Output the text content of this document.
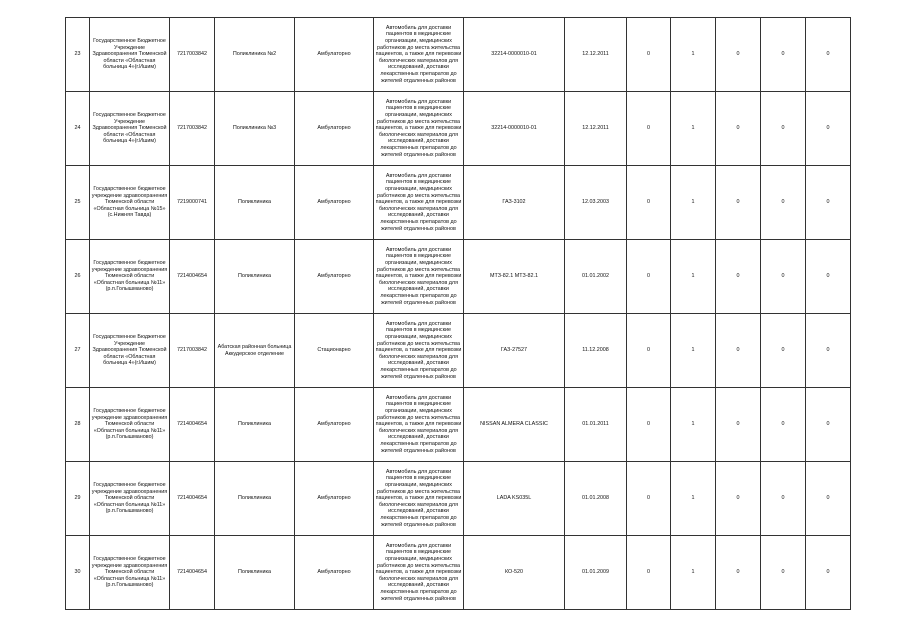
23	Государственное Бюджетное Учреждение Здравоохранения Тюменской области «Областная больница 4»(г.Ишим)	7217003842	Поликлиника №2	Амбулаторно	Автомобиль для доставки пациентов в медицинские организации, медицинских работников до места жительства пациентов, а также для перевозки биологических материалов для исследований, доставки лекарственных препаратов до жителей отдаленных районов	32214-0000010-01	12.12.2011	0	1	0	0	0
24	Государственное Бюджетное Учреждение Здравоохранения Тюменской области «Областная больница 4»(г.Ишим)	7217003842	Поликлиника №3	Амбулаторно	Автомобиль для доставки пациентов в медицинские организации, медицинских работников до места жительства пациентов, а также для перевозки биологических материалов для исследований, доставки лекарственных препаратов до жителей отдаленных районов	32214-0000010-01	12.12.2011	0	1	0	0	0
25	Государственное бюджетное учреждение здравоохранения Тюменской области «Областная больница №15» (с.Нижняя Тавда)	7219000741	Поликлиника	Амбулаторно	Автомобиль для доставки пациентов в медицинские организации, медицинских работников до места жительства пациентов, а также для перевозки биологических материалов для исследований, доставки лекарственных препаратов до жителей отдаленных районов	ГАЗ-3102	12.03.2003	0	1	0	0	0
26	Государственное бюджетное учреждение здравоохранения Тюменской области «Областная больница №11» (р.п.Голышманово)	7214004654	Поликлиника	Амбулаторно	Автомобиль для доставки пациентов в медицинские организации, медицинских работников до места жительства пациентов, а также для перевозки биологических материалов для исследований, доставки лекарственных препаратов до жителей отдаленных районов	МТЗ-82.1 МТЗ-82.1	01.01.2002	0	1	0	0	0
27	Государственное Бюджетное Учреждение Здравоохранения Тюменской области «Областная больница 4»(г.Ишим)	7217003842	Абатская районная больница Аккудерское отделение	Стационарно	Автомобиль для доставки пациентов в медицинские организации, медицинских работников до места жительства пациентов, а также для перевозки биологических материалов для исследований, доставки лекарственных препаратов до жителей отдаленных районов	ГАЗ-27527	11.12.2008	0	1	0	0	0
28	Государственное бюджетное учреждение здравоохранения Тюменской области «Областная больница №11» (р.п.Голышманово)	7214004654	Поликлиника	Амбулаторно	Автомобиль для доставки пациентов в медицинские организации, медицинских работников до места жительства пациентов, а также для перевозки биологических материалов для исследований, доставки лекарственных препаратов до жителей отдаленных районов	NISSAN ALMERA CLASSIC	01.01.2011	0	1	0	0	0
29	Государственное бюджетное учреждение здравоохранения Тюменской области «Областная больница №11» (р.п.Голышманово)	7214004654	Поликлиника	Амбулаторно	Автомобиль для доставки пациентов в медицинские организации, медицинских работников до места жительства пациентов, а также для перевозки биологических материалов для исследований, доставки лекарственных препаратов до жителей отдаленных районов	LADA KS035L	01.01.2008	0	1	0	0	0
30	Государственное бюджетное учреждение здравоохранения Тюменской области «Областная больница №11» (р.п.Голышманово)	7214004654	Поликлиника	Амбулаторно	Автомобиль для доставки пациентов в медицинские организации, медицинских работников до места жительства пациентов, а также для перевозки биологических материалов для исследований, доставки лекарственных препаратов до жителей отдаленных районов	КО-520	01.01.2009	0	1	0	0	0
